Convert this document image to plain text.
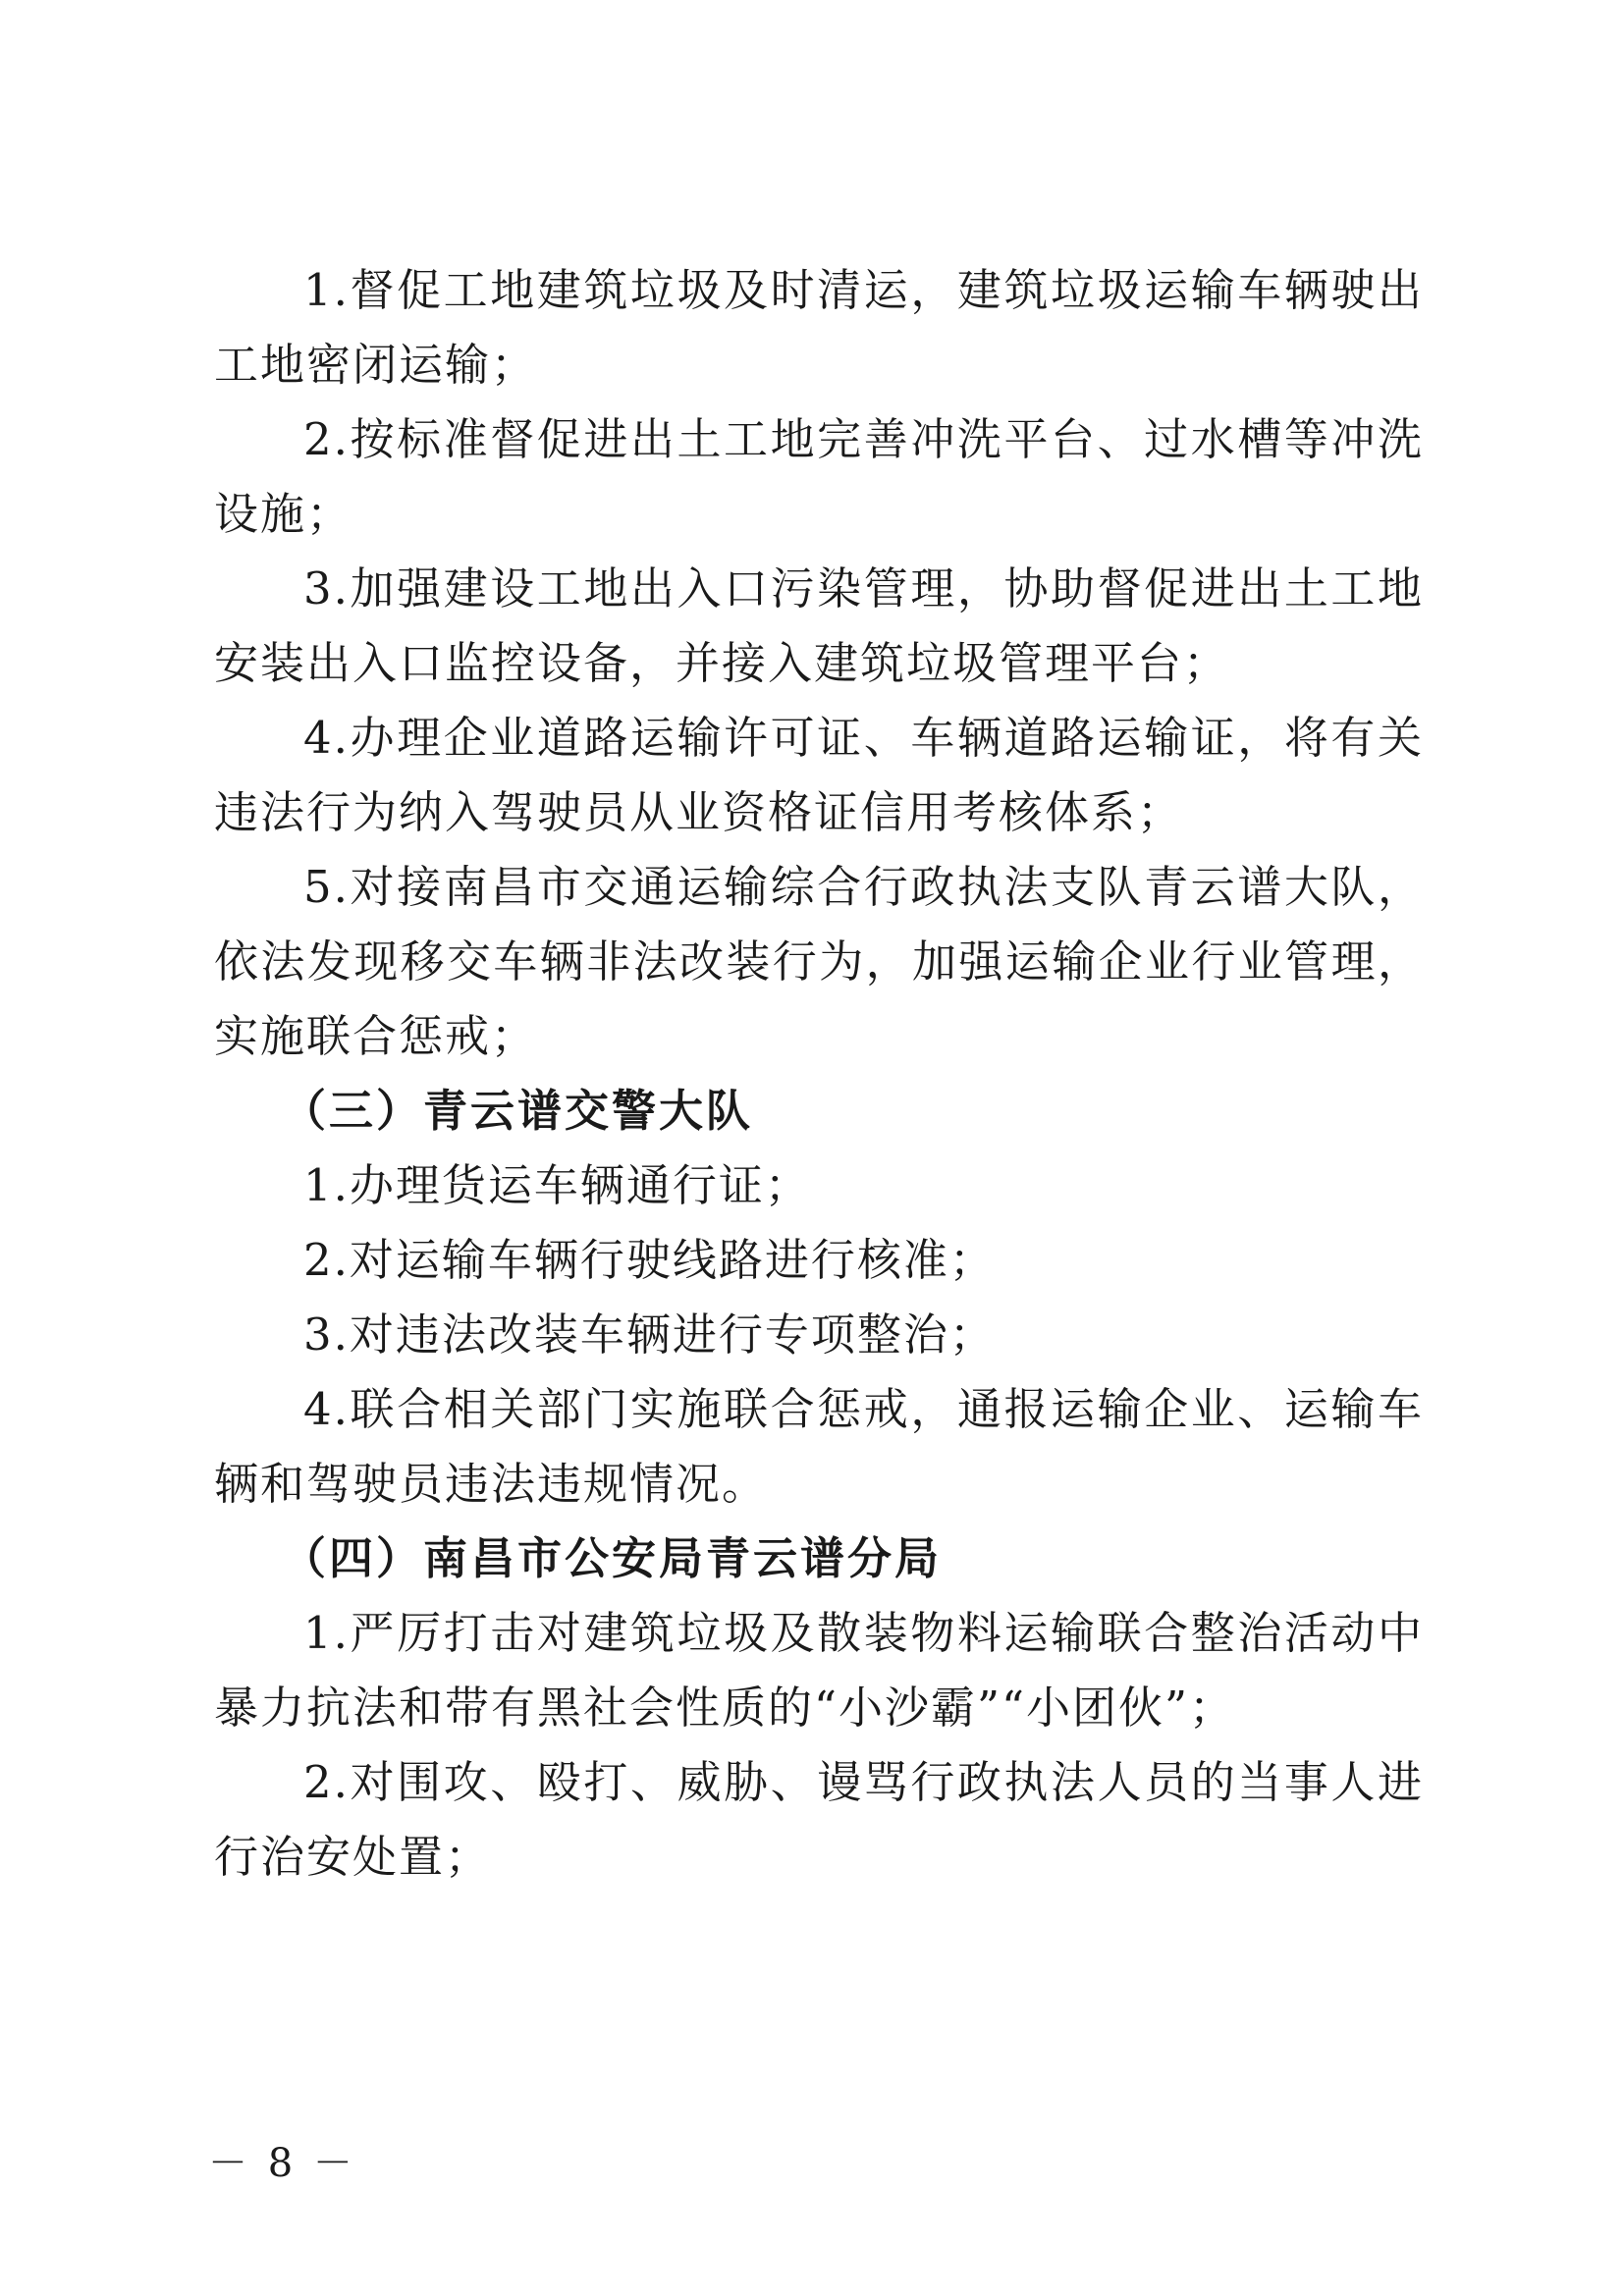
1.督促工地建筑垃圾及时清运，建筑垃圾运输车辆驶出工地密闭运输；

2.按标准督促进出土工地完善冲洗平台、过水槽等冲洗设施；

3.加强建设工地出入口污染管理，协助督促进出土工地安装出入口监控设备，并接入建筑垃圾管理平台；

4.办理企业道路运输许可证、车辆道路运输证，将有关违法行为纳入驾驶员从业资格证信用考核体系；

5.对接南昌市交通运输综合行政执法支队青云谱大队，依法发现移交车辆非法改装行为，加强运输企业行业管理，实施联合惩戒；

（三）青云谱交警大队

1.办理货运车辆通行证；

2.对运输车辆行驶线路进行核准；

3.对违法改装车辆进行专项整治；

4.联合相关部门实施联合惩戒，通报运输企业、运输车辆和驾驶员违法违规情况。

（四）南昌市公安局青云谱分局

1.严厉打击对建筑垃圾及散装物料运输联合整治活动中暴力抗法和带有黑社会性质的“小沙霸”“小团伙”；

2.对围攻、殴打、威胁、谩骂行政执法人员的当事人进行治安处置；

－ 8 －
